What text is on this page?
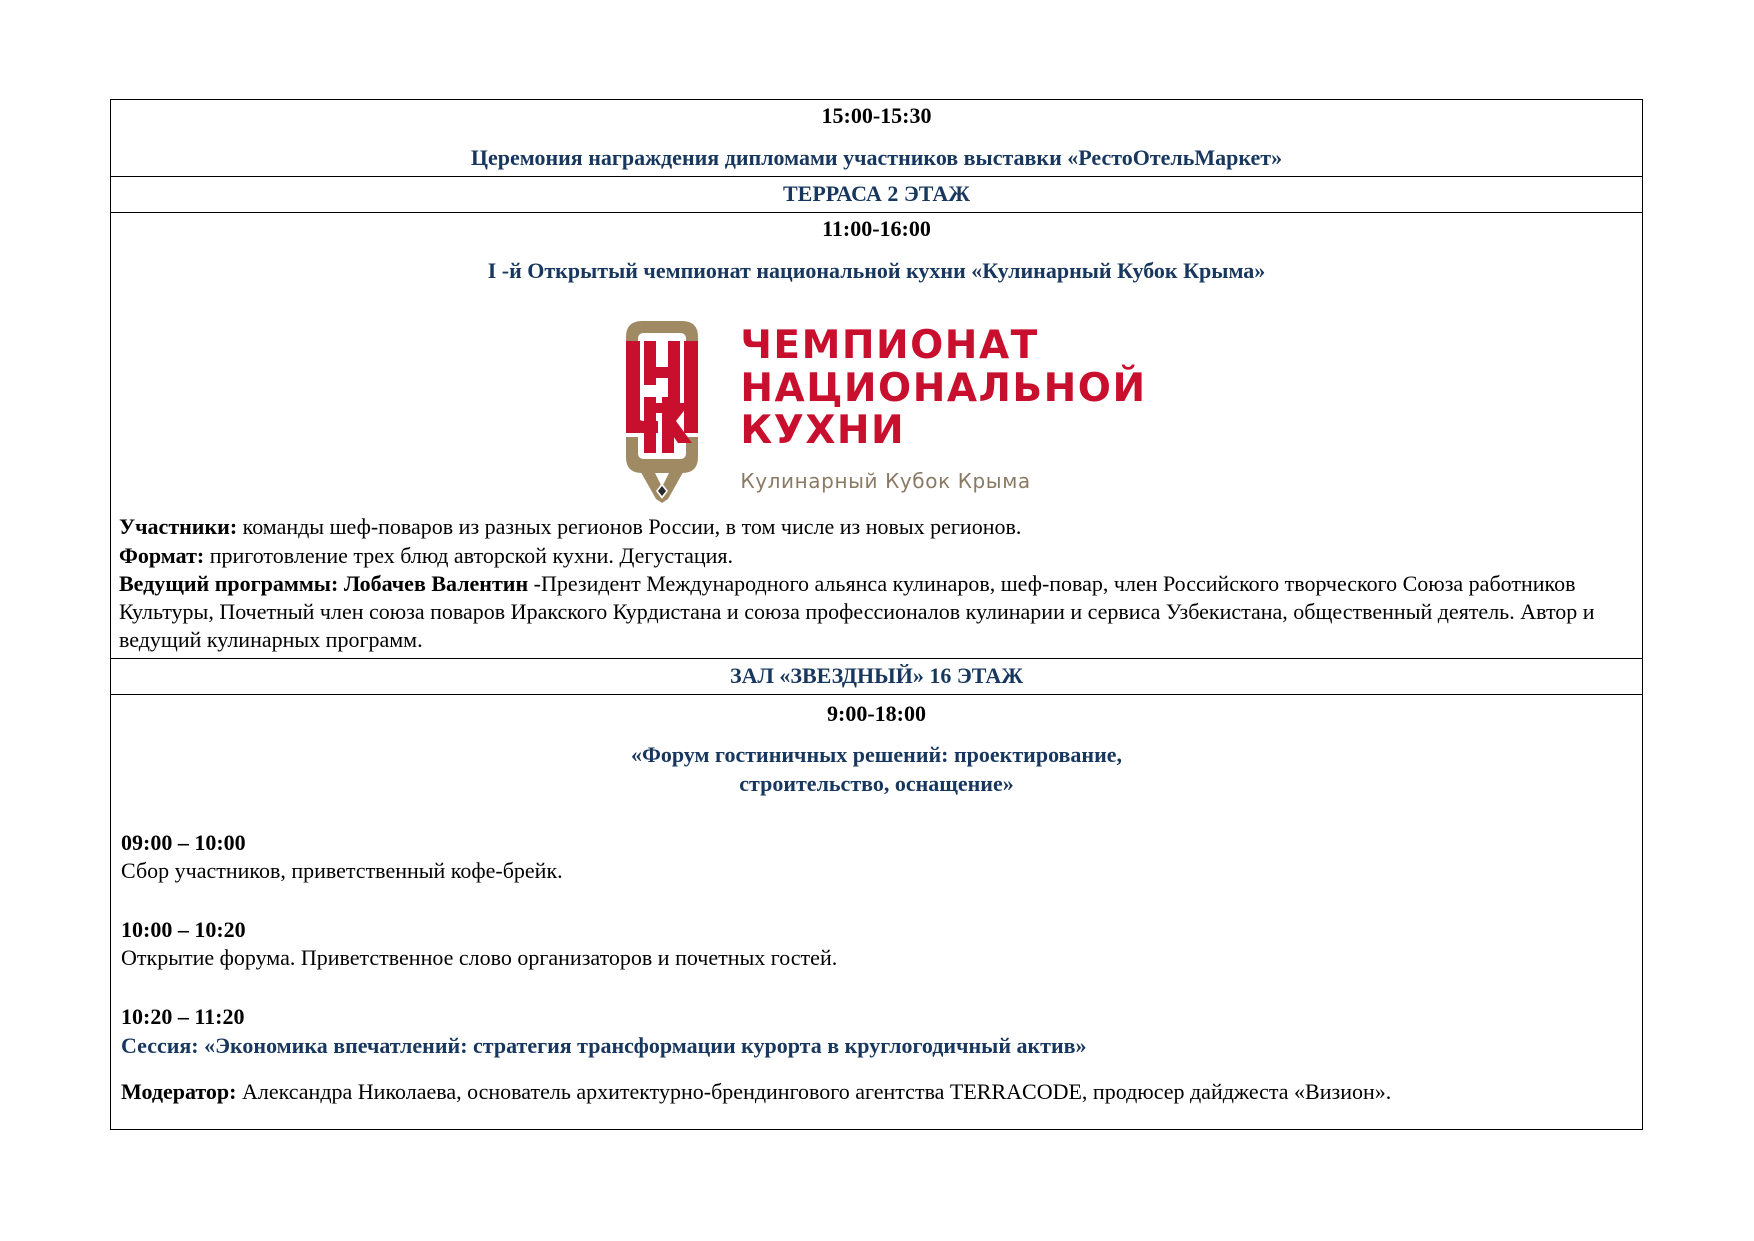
15:00-15:30
Церемония награждения дипломами участников выставки «РестоОтельМаркет»

ТЕРРАСА 2 ЭТАЖ

11:00-16:00
I -й Открытый чемпионат национальной кухни «Кулинарный Кубок Крыма»
ЧЕМПИОНАТ
НАЦИОНАЛЬНОЙ
КУХНИ
Кулинарный Кубок Крыма
Участники: команды шеф-поваров из разных регионов России, в том числе из новых регионов.
Формат: приготовление трех блюд авторской кухни. Дегустация.
Ведущий программы: Лобачев Валентин -Президент Международного альянса кулинаров, шеф-повар, член Российского творческого Союза работников Культуры, Почетный член союза поваров Иракского Курдистана и союза профессионалов кулинарии и сервиса Узбекистана, общественный деятель. Автор и ведущий кулинарных программ.

ЗАЛ «ЗВЕЗДНЫЙ» 16 ЭТАЖ

9:00-18:00
«Форум гостиничных решений: проектирование,
строительство, оснащение»
09:00 – 10:00
Сбор участников, приветственный кофе-брейк.
10:00 – 10:20
Открытие форума. Приветственное слово организаторов и почетных гостей.
10:20 – 11:20
Сессия: «Экономика впечатлений: стратегия трансформации курорта в круглогодичный актив»
Модератор: Александра Николаева, основатель архитектурно-брендингового агентства TERRACODE, продюсер дайджеста «Визион».
